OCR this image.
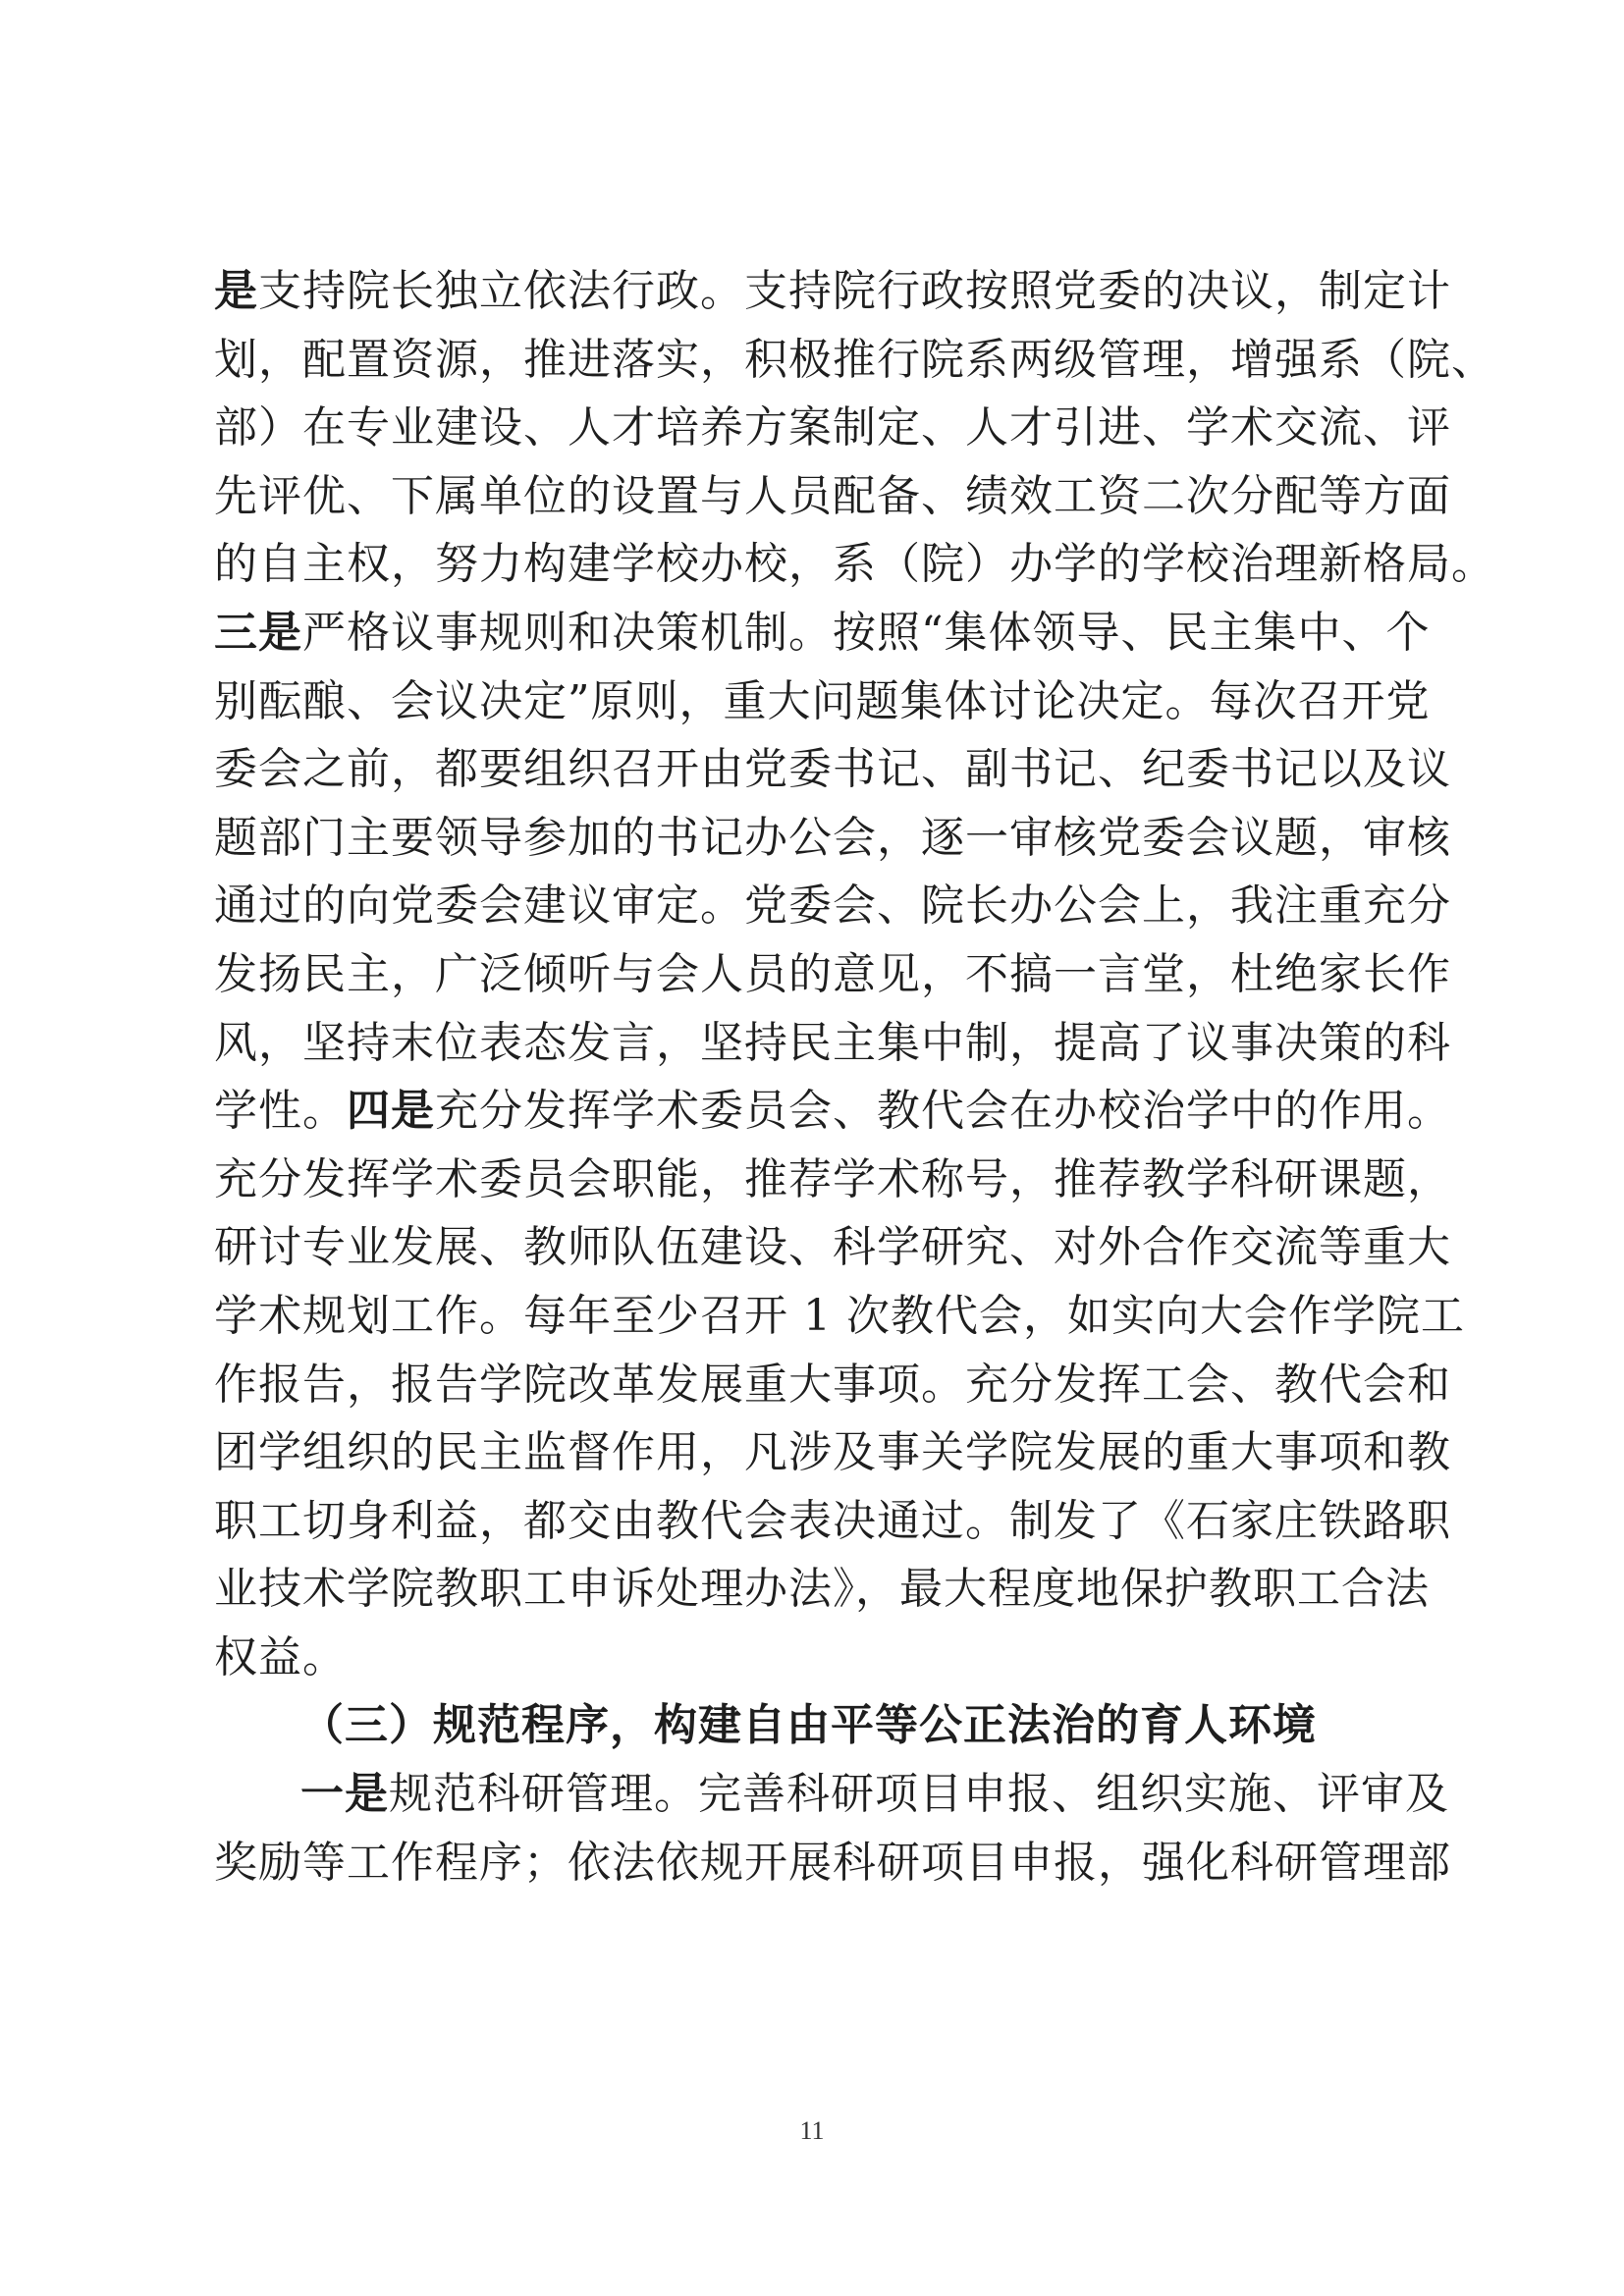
是支持院长独立依法行政。支持院行政按照党委的决议，制定计
划，配置资源，推进落实，积极推行院系两级管理，增强系（院、
部）在专业建设、人才培养方案制定、人才引进、学术交流、评
先评优、下属单位的设置与人员配备、绩效工资二次分配等方面
的自主权，努力构建学校办校，系（院）办学的学校治理新格局。
三是严格议事规则和决策机制。按照“集体领导、民主集中、个
别酝酿、会议决定”原则，重大问题集体讨论决定。每次召开党
委会之前，都要组织召开由党委书记、副书记、纪委书记以及议
题部门主要领导参加的书记办公会，逐一审核党委会议题，审核
通过的向党委会建议审定。党委会、院长办公会上，我注重充分
发扬民主，广泛倾听与会人员的意见，不搞一言堂，杜绝家长作
风，坚持末位表态发言，坚持民主集中制，提高了议事决策的科
学性。四是充分发挥学术委员会、教代会在办校治学中的作用。
充分发挥学术委员会职能，推荐学术称号，推荐教学科研课题，
研讨专业发展、教师队伍建设、科学研究、对外合作交流等重大
学术规划工作。每年至少召开 1 次教代会，如实向大会作学院工
作报告，报告学院改革发展重大事项。充分发挥工会、教代会和
团学组织的民主监督作用，凡涉及事关学院发展的重大事项和教
职工切身利益，都交由教代会表决通过。制发了《石家庄铁路职
业技术学院教职工申诉处理办法》，最大程度地保护教职工合法
权益。
（三）规范程序，构建自由平等公正法治的育人环境
一是规范科研管理。完善科研项目申报、组织实施、评审及
奖励等工作程序；依法依规开展科研项目申报，强化科研管理部
11
